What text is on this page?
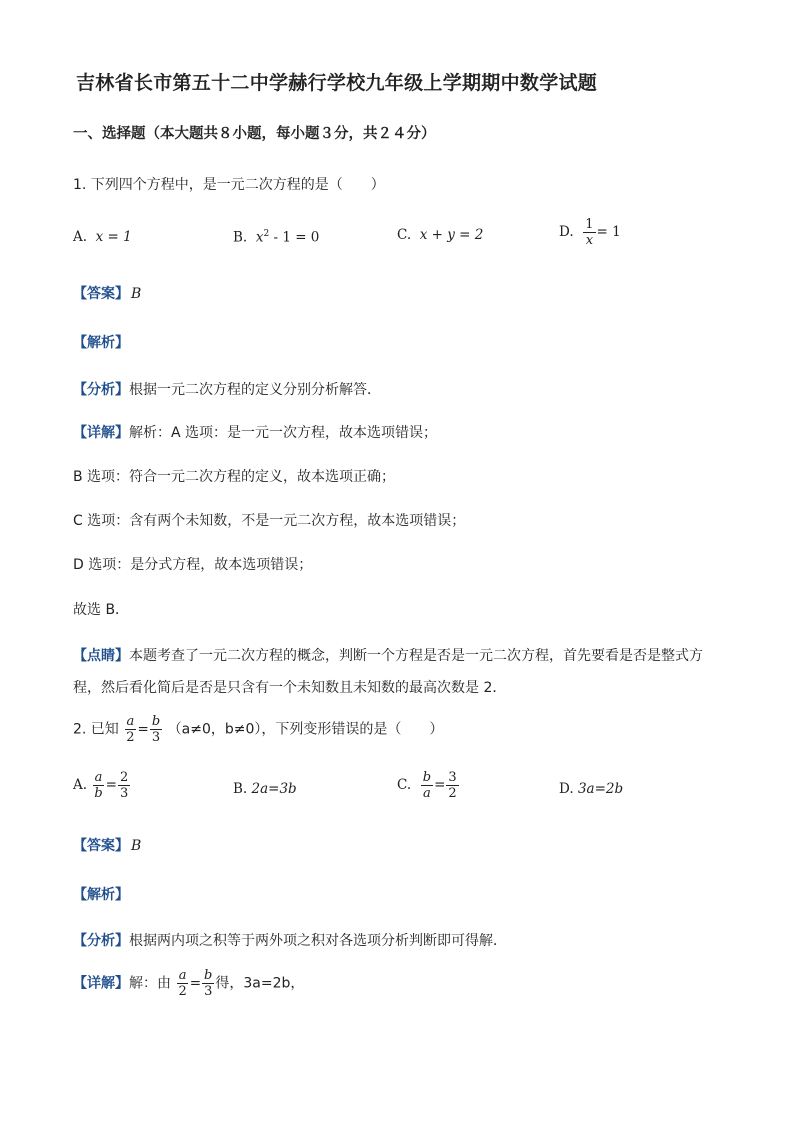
吉林省长市第五十二中学赫行学校九年级上学期期中数学试题
一、选择题（本大题共８小题，每小题３分，共２４分）
1. 下列四个方程中，是一元二次方程的是（　　）
A. x = 1	B. $x^2 - 1 = 0$	C. x + y = 2	D. $\frac{1}{x} = 1$
【答案】 B
【解析】
【分析】根据一元二次方程的定义分别分析解答．
【详解】解析：A 选项：是一元一次方程，故本选项错误；
B 选项：符合一元二次方程的定义，故本选项正确；
C 选项：含有两个未知数，不是一元二次方程，故本选项错误；
D 选项：是分式方程，故本选项错误；
故选 B．
【点睛】本题考查了一元二次方程的概念，判断一个方程是否是一元二次方程，首先要看是否是整式方
程，然后看化简后是否是只含有一个未知数且未知数的最高次数是 2．
2. 已知 $\frac{a}{2} = \frac{b}{3} (a\ne 0$，b≠0），下列变形错误的是（　　）
A. $\frac{a}{b} = \frac{2}{3}$	B. 2a=3b	C. $\frac{b}{a} = \frac{3}{2}$	D. 3a=2b
【答案】 B
【解析】
【分析】根据两内项之积等于两外项之积对各选项分析判断即可得解．
【详解】解：由 $\frac{a}{2} = \frac{b}{3}$ 得，3a=2b，
